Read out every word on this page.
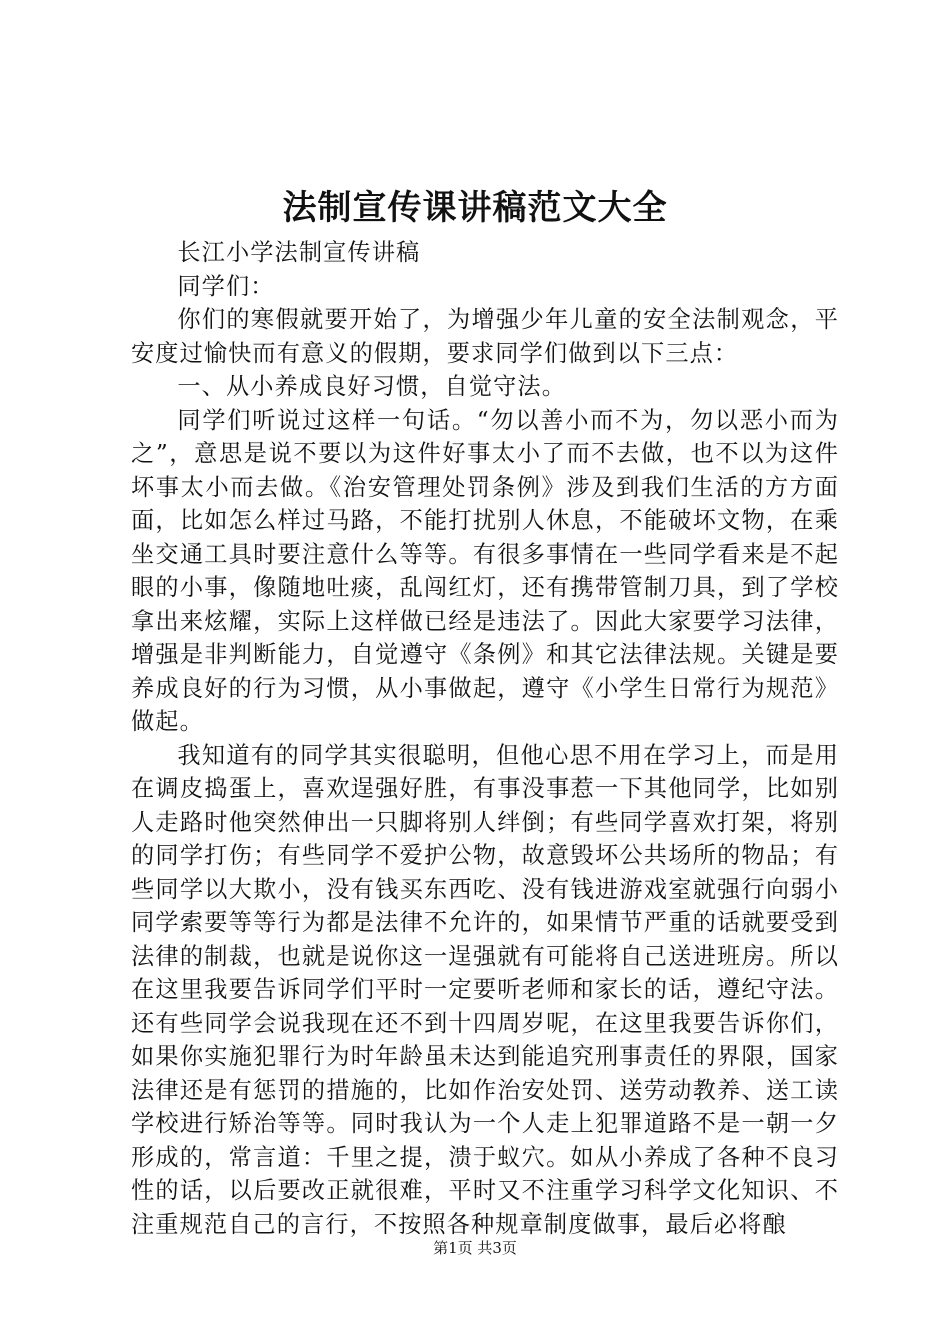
法制宣传课讲稿范文大全

长江小学法制宣传讲稿

同学们：

你们的寒假就要开始了，为增强少年儿童的安全法制观念，平安度过愉快而有意义的假期，要求同学们做到以下三点：

一、从小养成良好习惯，自觉守法。

同学们听说过这样一句话。“勿以善小而不为，勿以恶小而为之”，意思是说不要以为这件好事太小了而不去做，也不以为这件坏事太小而去做。《治安管理处罚条例》涉及到我们生活的方方面面，比如怎么样过马路，不能打扰别人休息，不能破坏文物，在乘坐交通工具时要注意什么等等。有很多事情在一些同学看来是不起眼的小事，像随地吐痰，乱闯红灯，还有携带管制刀具，到了学校拿出来炫耀，实际上这样做已经是违法了。因此大家要学习法律，增强是非判断能力，自觉遵守《条例》和其它法律法规。关键是要养成良好的行为习惯，从小事做起，遵守《小学生日常行为规范》做起。

我知道有的同学其实很聪明，但他心思不用在学习上，而是用在调皮捣蛋上，喜欢逞强好胜，有事没事惹一下其他同学，比如别人走路时他突然伸出一只脚将别人绊倒；有些同学喜欢打架，将别的同学打伤；有些同学不爱护公物，故意毁坏公共场所的物品；有些同学以大欺小，没有钱买东西吃、没有钱进游戏室就强行向弱小同学索要等等行为都是法律不允许的，如果情节严重的话就要受到法律的制裁，也就是说你这一逞强就有可能将自己送进班房。所以在这里我要告诉同学们平时一定要听老师和家长的话，遵纪守法。还有些同学会说我现在还不到十四周岁呢，在这里我要告诉你们，如果你实施犯罪行为时年龄虽未达到能追究刑事责任的界限，国家法律还是有惩罚的措施的，比如作治安处罚、送劳动教养、送工读学校进行矫治等等。同时我认为一个人走上犯罪道路不是一朝一夕形成的，常言道：千里之提，溃于蚁穴。如从小养成了各种不良习性的话，以后要改正就很难，平时又不注重学习科学文化知识、不注重规范自己的言行，不按照各种规章制度做事，最后必将酿

第1页 共3页
